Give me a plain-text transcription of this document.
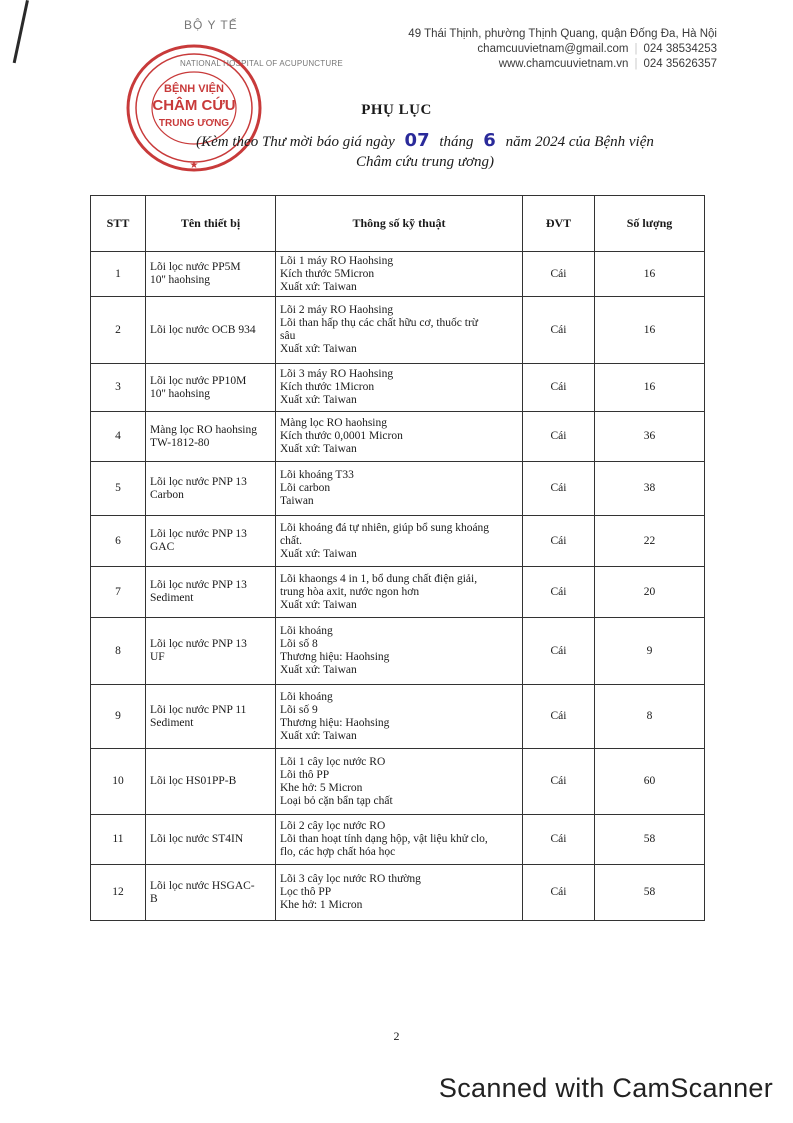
BỘ Y TẾ
NATIONAL HOSPITAL OF ACUPUNCTURE
BỆNH VIỆN
CHÂM CỨU
TRUNG ƯƠNG
★
49 Thái Thịnh, phường Thịnh Quang, quận Đống Đa, Hà Nội
chamcuuvietnam@gmail.com | 024 38534253
www.chamcuuvietnam.vn | 024 35626357
PHỤ LỤC
(Kèm theo Thư mời báo giá ngày 07 tháng 6 năm 2024 của Bệnh viện
Châm cứu trung ương)
STT	Tên thiết bị	Thông số kỹ thuật	ĐVT	Số lượng
1	Lõi lọc nước PP5M
10'' haohsing	Lõi 1 máy RO Haohsing
Kích thước 5Micron
Xuất xứ: Taiwan	Cái	16
2	Lõi lọc nước OCB 934	Lõi 2 máy RO Haohsing
Lõi than hấp thụ các chất hữu cơ, thuốc trừ
sâu
Xuất xứ: Taiwan	Cái	16
3	Lõi lọc nước PP10M
10'' haohsing	Lõi 3 máy RO Haohsing
Kích thước 1Micron
Xuất xứ: Taiwan	Cái	16
4	Màng lọc RO haohsing
TW-1812-80	Màng lọc RO haohsing
Kích thước 0,0001 Micron
Xuất xứ: Taiwan	Cái	36
5	Lõi lọc nước PNP 13
Carbon	Lõi khoáng T33
Lõi carbon
Taiwan	Cái	38
6	Lõi lọc nước PNP 13
GAC	Lõi khoáng đá tự nhiên, giúp bổ sung khoáng
chất.
Xuất xứ: Taiwan	Cái	22
7	Lõi lọc nước PNP 13
Sediment	Lõi khaongs 4 in 1, bổ dung chất điện giải,
trung hòa axit, nước ngon hơn
Xuất xứ: Taiwan	Cái	20
8	Lõi lọc nước PNP 13
UF	Lõi khoáng
Lõi số 8
Thương hiệu: Haohsing
Xuất xứ: Taiwan	Cái	9
9	Lõi lọc nước PNP 11
Sediment	Lõi khoáng
Lõi số 9
Thương hiệu: Haohsing
Xuất xứ: Taiwan	Cái	8
10	Lõi lọc HS01PP-B	Lõi 1 cây lọc nước RO
Lõi thô PP
Khe hở: 5 Micron
Loại bỏ cặn bẩn tạp chất	Cái	60
11	Lõi lọc nước ST4IN	Lõi 2 cây lọc nước RO
Lõi than hoạt tính dạng hộp, vật liệu khử clo,
flo, các hợp chất hóa học	Cái	58
12	Lõi lọc nước HSGAC-
B	Lõi 3 cây lọc nước RO thường
Lọc thô PP
Khe hở: 1 Micron	Cái	58
2
Scanned with CamScanner
